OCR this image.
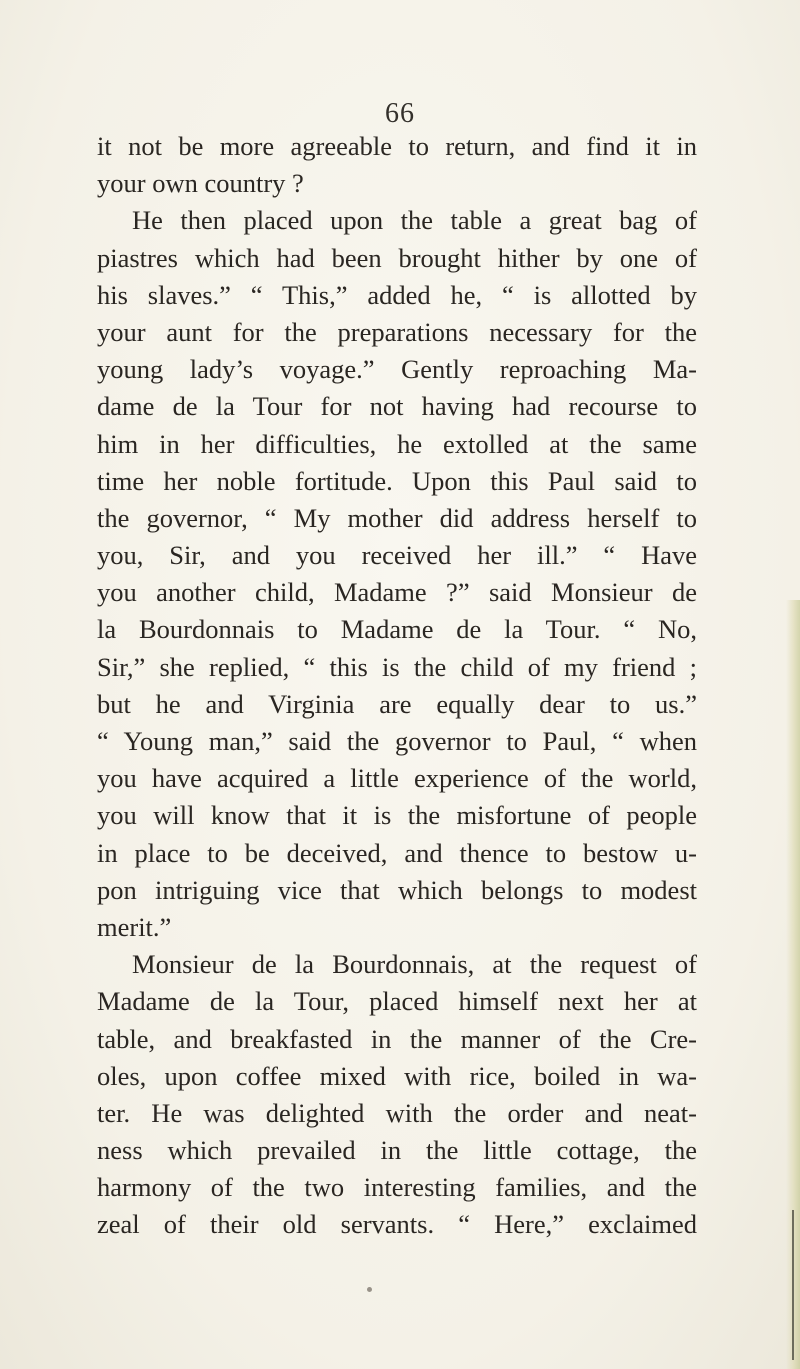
66
it not be more agreeable to return, and find it in
your own country ?
He then placed upon the table a great bag of
piastres which had been brought hither by one of
his slaves.” “ This,” added he, “ is allotted by
your aunt for the preparations necessary for the
young lady’s voyage.” Gently reproaching Ma-
dame de la Tour for not having had recourse to
him in her difficulties, he extolled at the same
time her noble fortitude. Upon this Paul said to
the governor, “ My mother did address herself to
you, Sir, and you received her ill.” “ Have
you another child, Madame ?” said Monsieur de
la Bourdonnais to Madame de la Tour. “ No,
Sir,” she replied, “ this is the child of my friend ;
but he and Virginia are equally dear to us.”
“ Young man,” said the governor to Paul, “ when
you have acquired a little experience of the world,
you will know that it is the misfortune of people
in place to be deceived, and thence to bestow u-
pon intriguing vice that which belongs to modest
merit.”
Monsieur de la Bourdonnais, at the request of
Madame de la Tour, placed himself next her at
table, and breakfasted in the manner of the Cre-
oles, upon coffee mixed with rice, boiled in wa-
ter. He was delighted with the order and neat-
ness which prevailed in the little cottage, the
harmony of the two interesting families, and the
zeal of their old servants. “ Here,” exclaimed
